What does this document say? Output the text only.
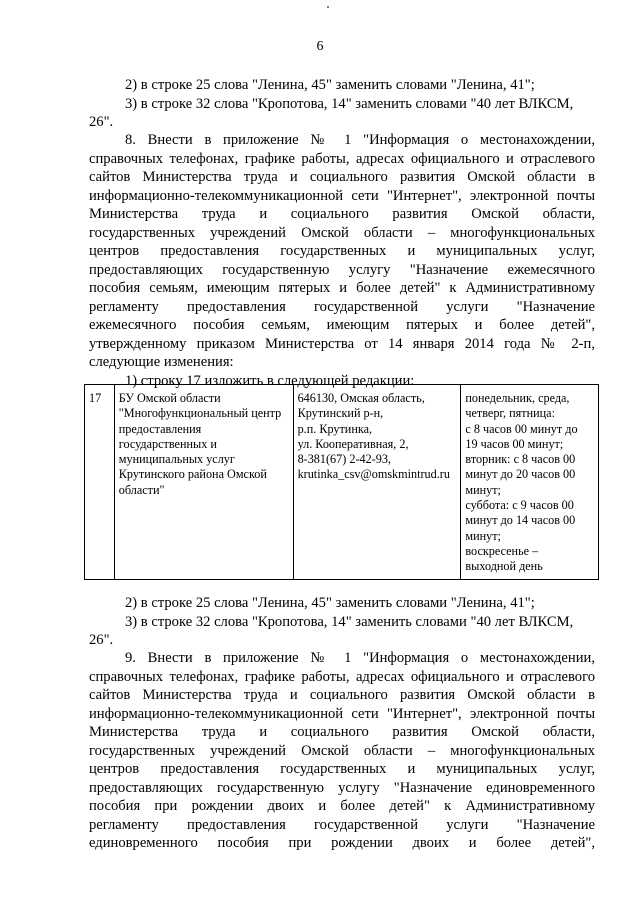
6
2) в строке 25 слова "Ленина, 45" заменить словами "Ленина, 41";
3) в строке 32 слова "Кропотова, 14" заменить словами "40 лет ВЛКСМ,
26".
8. Внести в приложение № 1 "Информация о местонахождении,
справочных телефонах, графике работы, адресах официального и отраслевого
сайтов Министерства труда и социального развития Омской области в
информационно-телекоммуникационной сети "Интернет", электронной почты
Министерства труда и социального развития Омской области,
государственных учреждений Омской области – многофункциональных
центров предоставления государственных и муниципальных услуг,
предоставляющих государственную услугу "Назначение ежемесячного
пособия семьям, имеющим пятерых и более детей" к Административному
регламенту предоставления государственной услуги "Назначение
ежемесячного пособия семьям, имеющим пятерых и более детей",
утвержденному приказом Министерства от 14 января 2014 года № 2-п,
следующие изменения:
1) строку 17 изложить в следующей редакции:
17	БУ Омской области
"Многофункциональный центр
предоставления
государственных и
муниципальных услуг
Крутинского района Омской
области"

646130, Омская область,
Крутинский р-н,
р.п. Крутинка,
ул. Кооперативная, 2,
8-381(67) 2-42-93,
krutinka_csv@omskmintrud.ru

понедельник, среда,
четверг, пятница:
с 8 часов 00 минут до
19 часов 00 минут;
вторник: с 8 часов 00
минут до 20 часов 00
минут;
суббота: с 9 часов 00
минут до 14 часов 00
минут;
воскресенье –
выходной день
2) в строке 25 слова "Ленина, 45" заменить словами "Ленина, 41";
3) в строке 32 слова "Кропотова, 14" заменить словами "40 лет ВЛКСМ,
26".
9. Внести в приложение № 1 "Информация о местонахождении,
справочных телефонах, графике работы, адресах официального и отраслевого
сайтов Министерства труда и социального развития Омской области в
информационно-телекоммуникационной сети "Интернет", электронной почты
Министерства труда и социального развития Омской области,
государственных учреждений Омской области – многофункциональных
центров предоставления государственных и муниципальных услуг,
предоставляющих государственную услугу "Назначение единовременного
пособия при рождении двоих и более детей" к Административному
регламенту предоставления государственной услуги "Назначение
единовременного пособия при рождении двоих и более детей",
